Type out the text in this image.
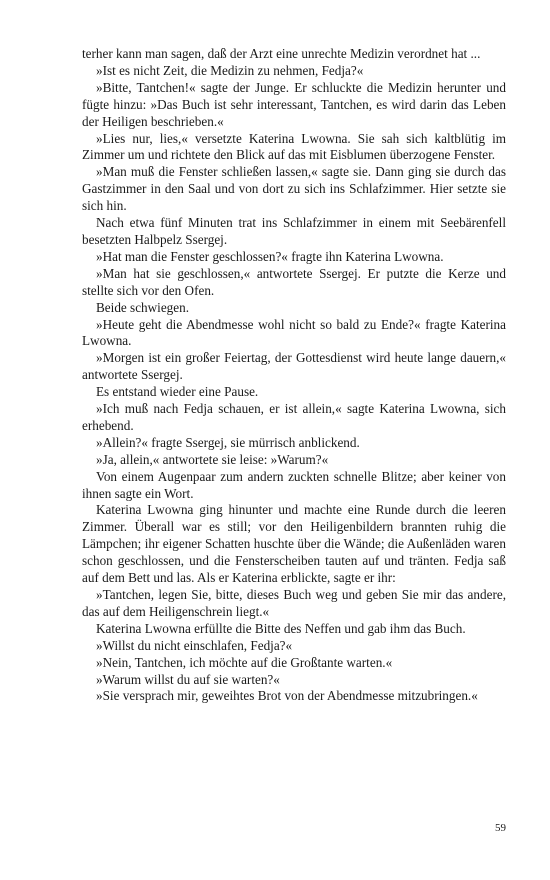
terher kann man sagen, daß der Arzt eine unrechte Medizin verordnet hat ...

»Ist es nicht Zeit, die Medizin zu nehmen, Fedja?«

»Bitte, Tantchen!« sagte der Junge. Er schluckte die Medizin herunter und fügte hinzu: »Das Buch ist sehr interessant, Tantchen, es wird darin das Leben der Heiligen beschrieben.«

»Lies nur, lies,« versetzte Katerina Lwowna. Sie sah sich kaltblütig im Zimmer um und richtete den Blick auf das mit Eisblumen überzogene Fenster.

»Man muß die Fenster schließen lassen,« sagte sie. Dann ging sie durch das Gastzimmer in den Saal und von dort zu sich ins Schlafzimmer. Hier setzte sie sich hin.

Nach etwa fünf Minuten trat ins Schlafzimmer in einem mit Seebärenfell besetzten Halbpelz Ssergej.

»Hat man die Fenster geschlossen?« fragte ihn Katerina Lwowna.

»Man hat sie geschlossen,« antwortete Ssergej. Er putzte die Kerze und stellte sich vor den Ofen.

Beide schwiegen.

»Heute geht die Abendmesse wohl nicht so bald zu Ende?« fragte Katerina Lwowna.

»Morgen ist ein großer Feiertag, der Gottesdienst wird heute lange dauern,« antwortete Ssergej.

Es entstand wieder eine Pause.

»Ich muß nach Fedja schauen, er ist allein,« sagte Katerina Lwowna, sich erhebend.

»Allein?« fragte Ssergej, sie mürrisch anblickend.

»Ja, allein,« antwortete sie leise: »Warum?«

Von einem Augenpaar zum andern zuckten schnelle Blitze; aber keiner von ihnen sagte ein Wort.

Katerina Lwowna ging hinunter und machte eine Runde durch die leeren Zimmer. Überall war es still; vor den Heiligenbildern brannten ruhig die Lämpchen; ihr eigener Schatten huschte über die Wände; die Außenläden waren schon geschlossen, und die Fensterscheiben tauten auf und tränten. Fedja saß auf dem Bett und las. Als er Katerina erblickte, sagte er ihr:

»Tantchen, legen Sie, bitte, dieses Buch weg und geben Sie mir das andere, das auf dem Heiligenschrein liegt.«

Katerina Lwowna erfüllte die Bitte des Neffen und gab ihm das Buch.

»Willst du nicht einschlafen, Fedja?«

»Nein, Tantchen, ich möchte auf die Großtante warten.«

»Warum willst du auf sie warten?«

»Sie versprach mir, geweihtes Brot von der Abendmesse mitzubringen.«

59
